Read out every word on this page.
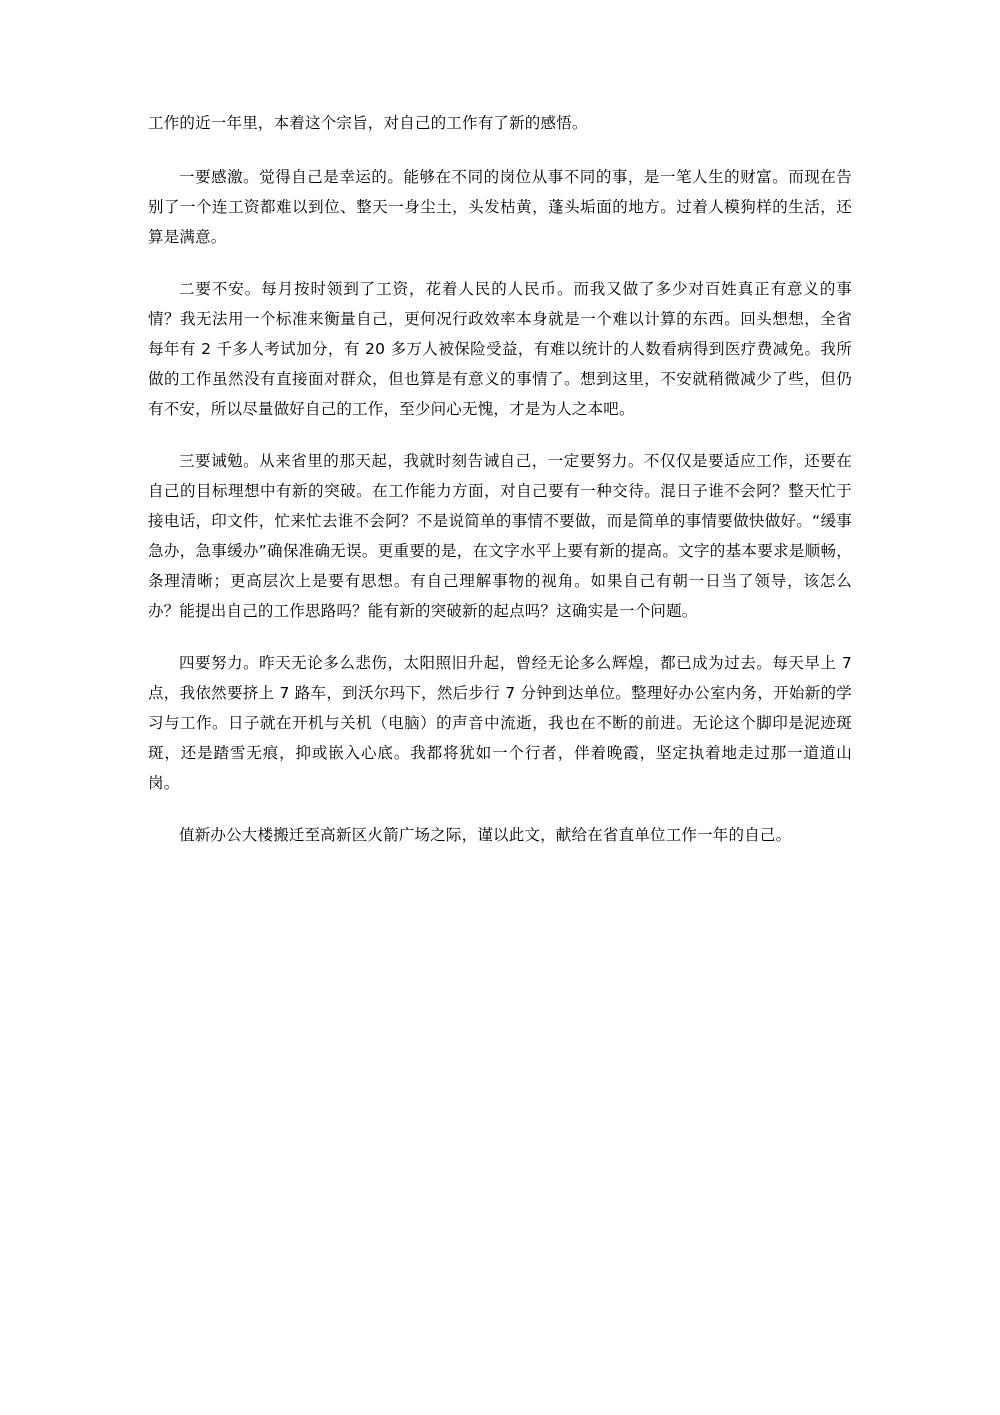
工作的近一年里，本着这个宗旨，对自己的工作有了新的感悟。

一要感激。觉得自己是幸运的。能够在不同的岗位从事不同的事，是一笔人生的财富。而现在告别了一个连工资都难以到位、整天一身尘土，头发枯黄，蓬头垢面的地方。过着人模狗样的生活，还算是满意。

二要不安。每月按时领到了工资，花着人民的人民币。而我又做了多少对百姓真正有意义的事情？我无法用一个标准来衡量自己，更何况行政效率本身就是一个难以计算的东西。回头想想，全省每年有 2 千多人考试加分，有 20 多万人被保险受益，有难以统计的人数看病得到医疗费减免。我所做的工作虽然没有直接面对群众，但也算是有意义的事情了。想到这里，不安就稍微减少了些，但仍有不安，所以尽量做好自己的工作，至少问心无愧，才是为人之本吧。

三要诫勉。从来省里的那天起，我就时刻告诫自己，一定要努力。不仅仅是要适应工作，还要在自己的目标理想中有新的突破。在工作能力方面，对自己要有一种交待。混日子谁不会阿？整天忙于接电话，印文件，忙来忙去谁不会阿？不是说简单的事情不要做，而是简单的事情要做快做好。“缓事急办，急事缓办”确保准确无误。更重要的是，在文字水平上要有新的提高。文字的基本要求是顺畅，条理清晰；更高层次上是要有思想。有自己理解事物的视角。如果自己有朝一日当了领导，该怎么办？能提出自己的工作思路吗？能有新的突破新的起点吗？这确实是一个问题。

四要努力。昨天无论多么悲伤，太阳照旧升起，曾经无论多么辉煌，都已成为过去。每天早上 7 点，我依然要挤上 7 路车，到沃尔玛下，然后步行 7 分钟到达单位。整理好办公室内务，开始新的学习与工作。日子就在开机与关机（电脑）的声音中流逝，我也在不断的前进。无论这个脚印是泥迹斑斑，还是踏雪无痕，抑或嵌入心底。我都将犹如一个行者，伴着晚霞，坚定执着地走过那一道道山岗。

值新办公大楼搬迁至高新区火箭广场之际，谨以此文，献给在省直单位工作一年的自己。
